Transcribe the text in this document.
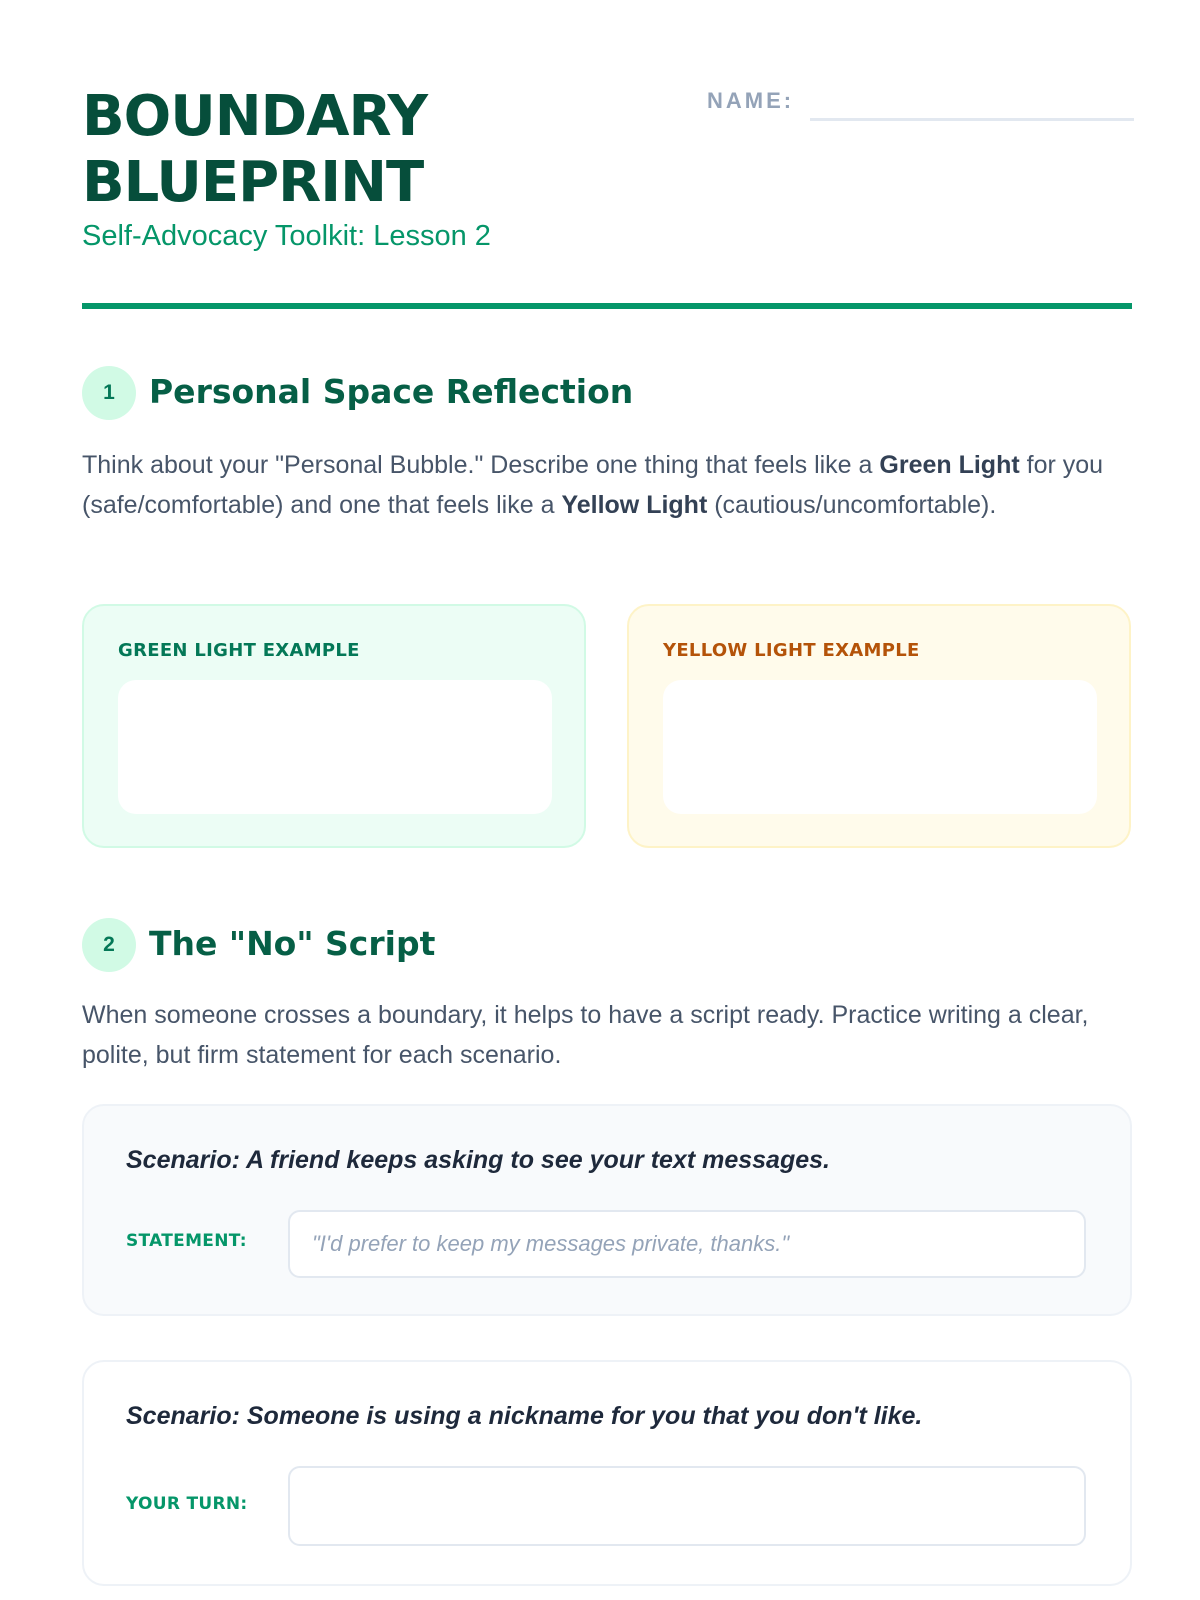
BOUNDARY
BLUEPRINT
Self-Advocacy Toolkit: Lesson 2
NAME:
1	Personal Space Reflection
Think about your "Personal Bubble." Describe one thing that feels like a Green Light for you (safe/comfortable) and one that feels like a Yellow Light (cautious/uncomfortable).
GREEN LIGHT EXAMPLE	YELLOW LIGHT EXAMPLE
2	The "No" Script
When someone crosses a boundary, it helps to have a script ready. Practice writing a clear, polite, but firm statement for each scenario.
Scenario: A friend keeps asking to see your text messages.
STATEMENT:	"I'd prefer to keep my messages private, thanks."
Scenario: Someone is using a nickname for you that you don't like.
YOUR TURN:
